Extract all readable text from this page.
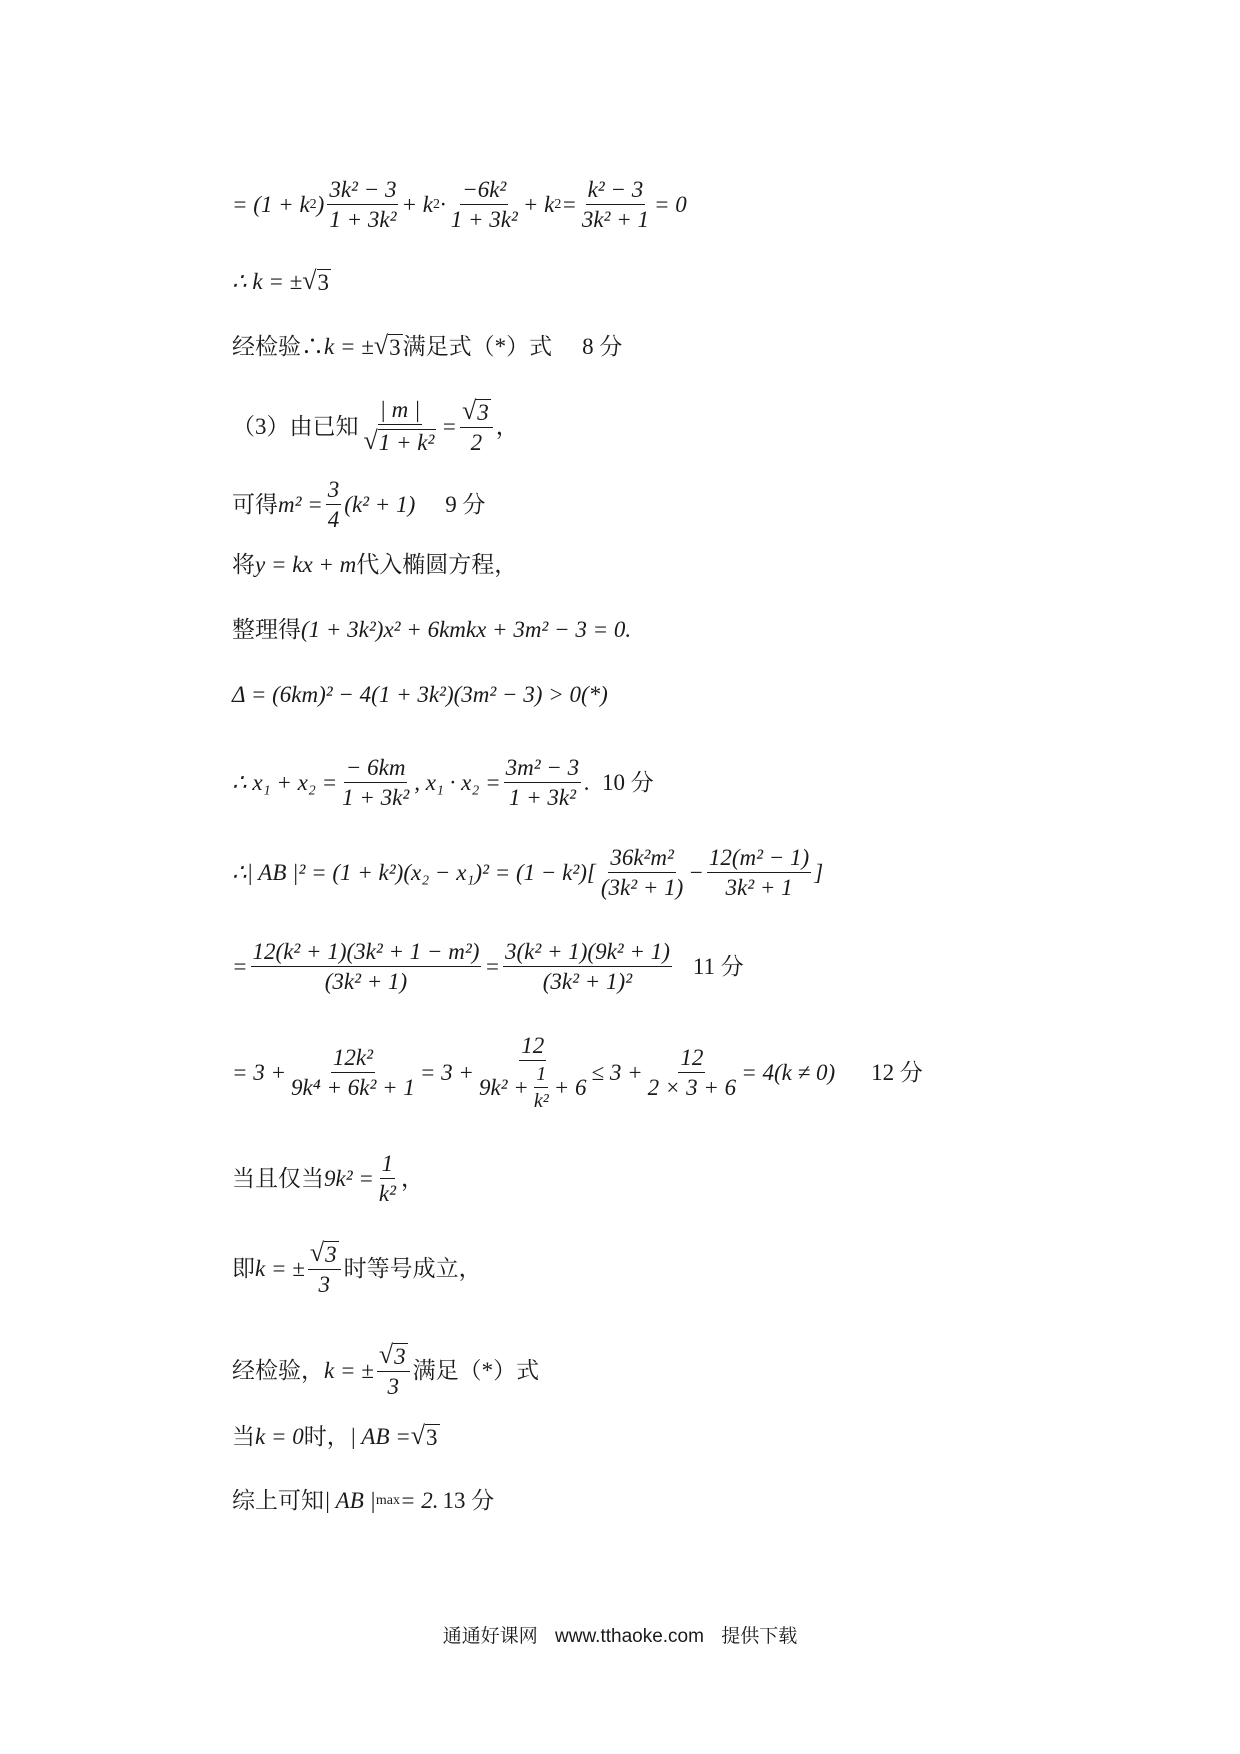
= (1 + k 2 ) $\frac{\text{3k² − 3}}{\text{1 + 3k²}} + k$ $2 \cdot \frac{\text{−6k²}}{\text{1 + 3k²}} + k$ $2 = \frac{\text{k² − 3}}{\text{3k² + 1}} = 0$
∴ k = ± √ 3
经检验∴ k = ± √ 3 满足式（*）式 8 分
（3）由已知 $\frac{| m |}{\text{√ 1 + k²}} = \frac{√ 3}{2}$ ，
可得 $m^2 = \frac{3}{4} (k^2 + 1)$ 9 分
将 y = kx + m 代入椭圆方程，
整理得 (1 + 3k²)x² + 6kmkx + 3m² − 3 = 0.
Δ = (6km)² − 4(1 + 3k²)(3m² − 3) > 0(*)
∴ $x_1 + x_2 = \frac{- 6km}{\text{1 + 3k²}}$ , $x_1 \cdot x_2 = \frac{\text{3m² − 3}}{\text{1 + 3k²}}$ . 10 分
∴| AB $|^2 = (1 + k^2)(x_2 - x_1)^2 = (1 - k^2)[ \frac{\text{36k²m²}}{\text{(3k² + 1)}} - \frac{\text{12(m² − 1)}}{\text{3k² + 1}}$ ]
= $\frac{\text{12(k² + 1)(3k² + 1 − m²)}}{\text{(3k² + 1)}} = \frac{\text{3(k² + 1)(9k² + 1)}}{\text{(3k² + 1)²}} 11$ 分
= $3 + \frac{\text{12k²}}{\text{9k⁴ + 6k² + 1}} = 3 + \frac{12}{9k^2 + \frac{1}{\text{k²}} + 6} \le 3 + \frac{12}{2 \times 3 + 6} = 4(k \ne 0)$ 12 分
当且仅当 $9k^2 = \frac{1}{\text{k²}}$ ，
即 k = ± $\frac{√ 3}{3}$ 时等号成立，
经检验， k = ± $\frac{√ 3}{3}$ 满足（*）式
当 k = 0 时， | AB = √ 3
综上可知 | AB | max = 2. 13 分
通通好课网 www.tthaoke.com 提供下载
